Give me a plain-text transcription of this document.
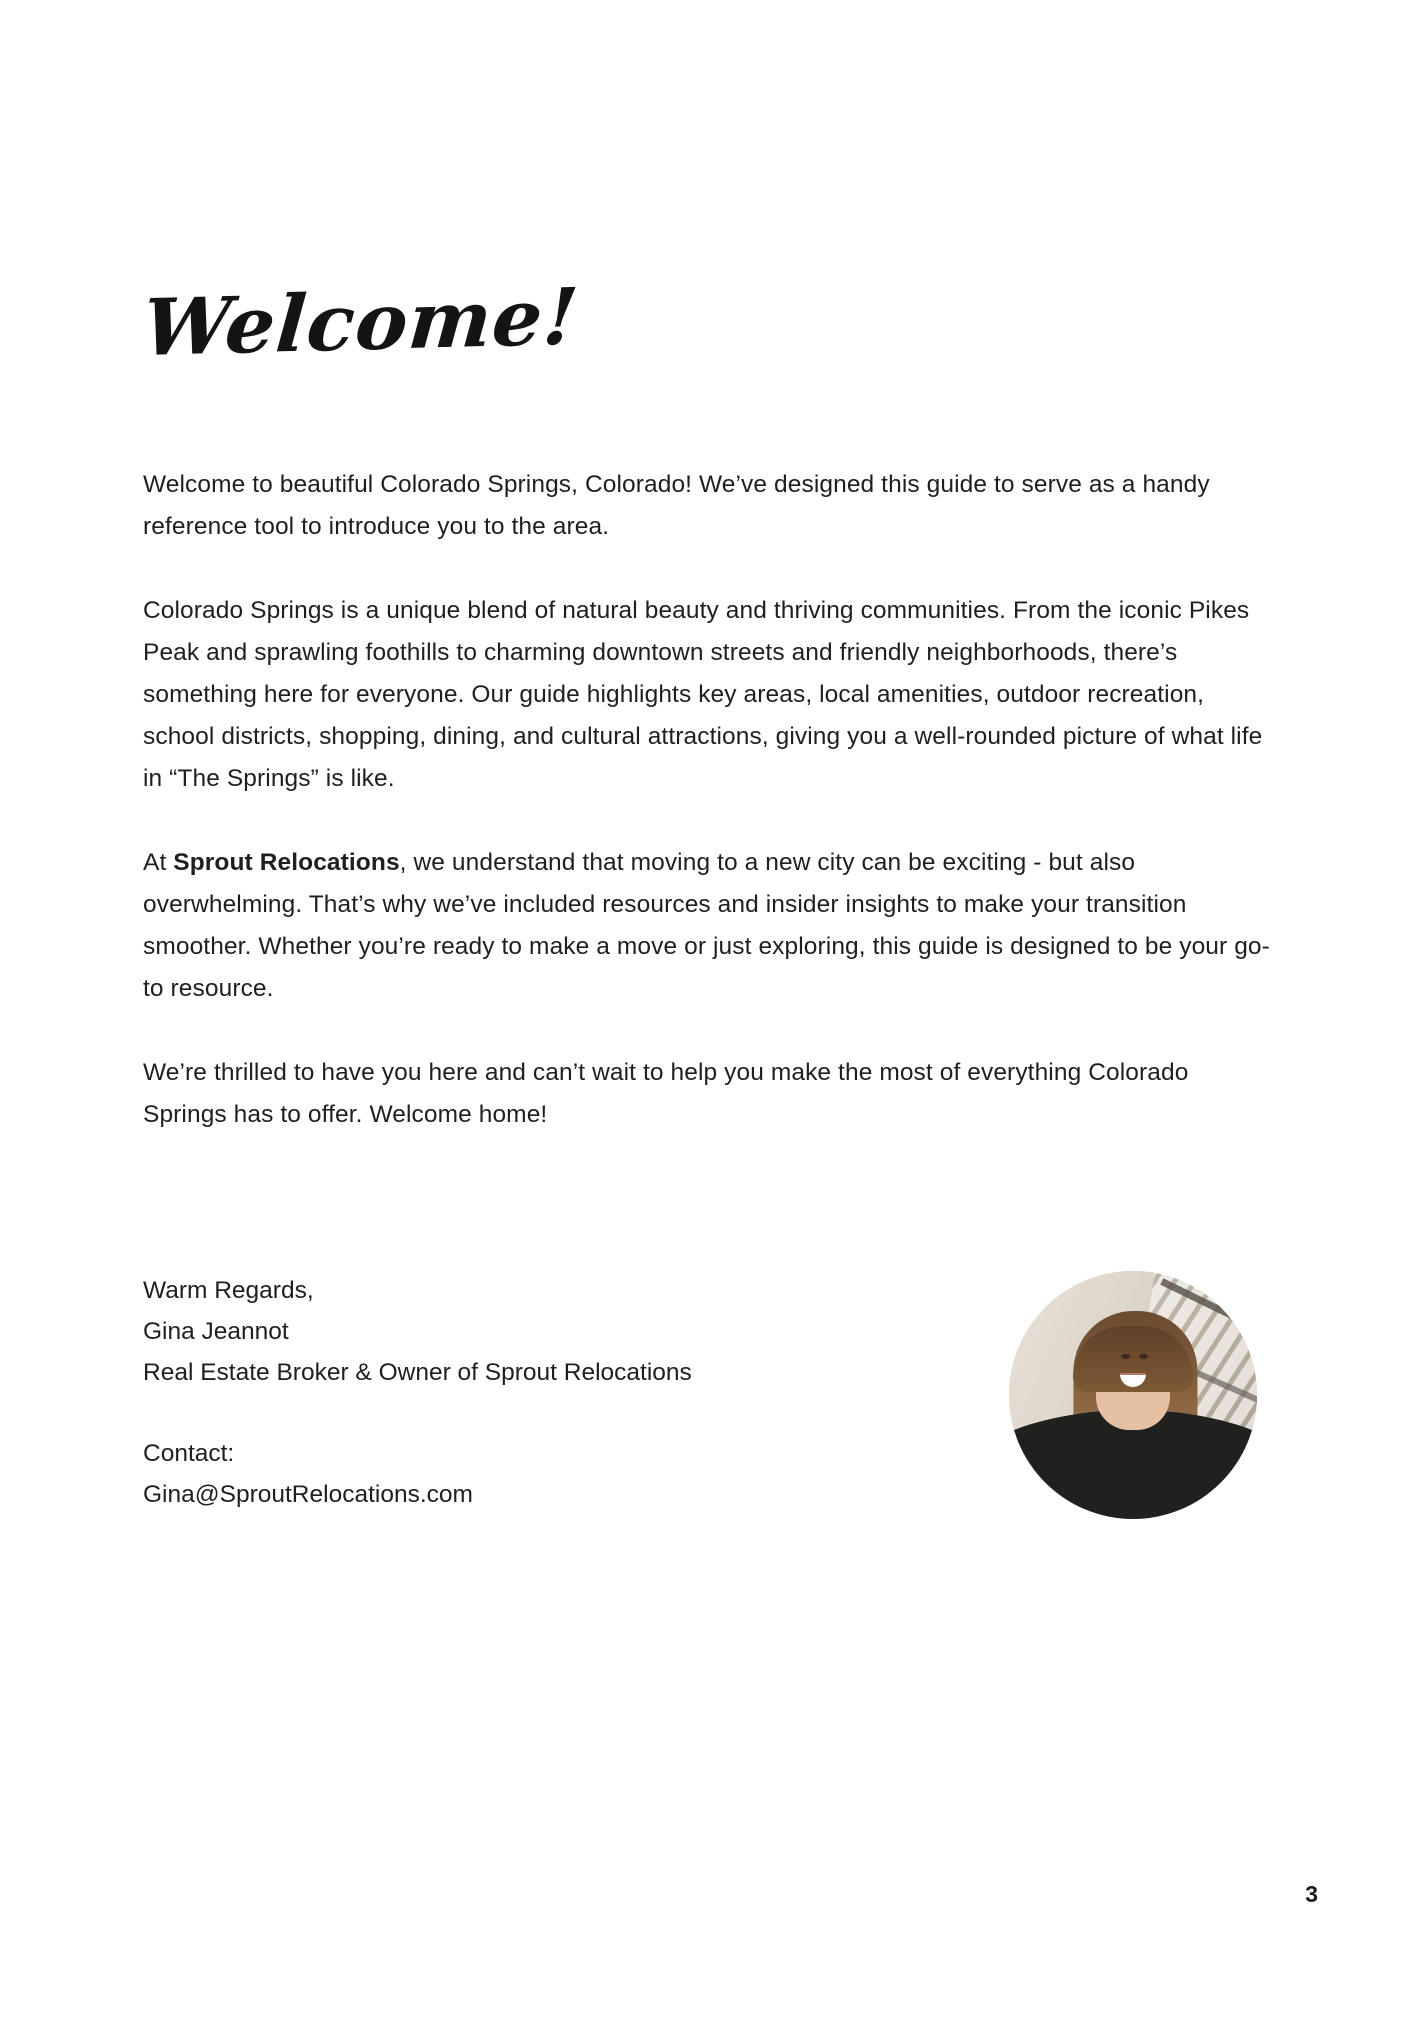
Welcome!

Welcome to beautiful Colorado Springs, Colorado! We’ve designed this guide to serve as a handy reference tool to introduce you to the area.

Colorado Springs is a unique blend of natural beauty and thriving communities. From the iconic Pikes Peak and sprawling foothills to charming downtown streets and friendly neighborhoods, there’s something here for everyone. Our guide highlights key areas, local amenities, outdoor recreation, school districts, shopping, dining, and cultural attractions, giving you a well-rounded picture of what life in “The Springs” is like.

At Sprout Relocations, we understand that moving to a new city can be exciting - but also overwhelming. That’s why we’ve included resources and insider insights to make your transition smoother. Whether you’re ready to make a move or just exploring, this guide is designed to be your go-to resource.

We’re thrilled to have you here and can’t wait to help you make the most of everything Colorado Springs has to offer. Welcome home!

Warm Regards,
Gina Jeannot
Real Estate Broker & Owner of Sprout Relocations
Contact:
Gina@SproutRelocations.com
3
